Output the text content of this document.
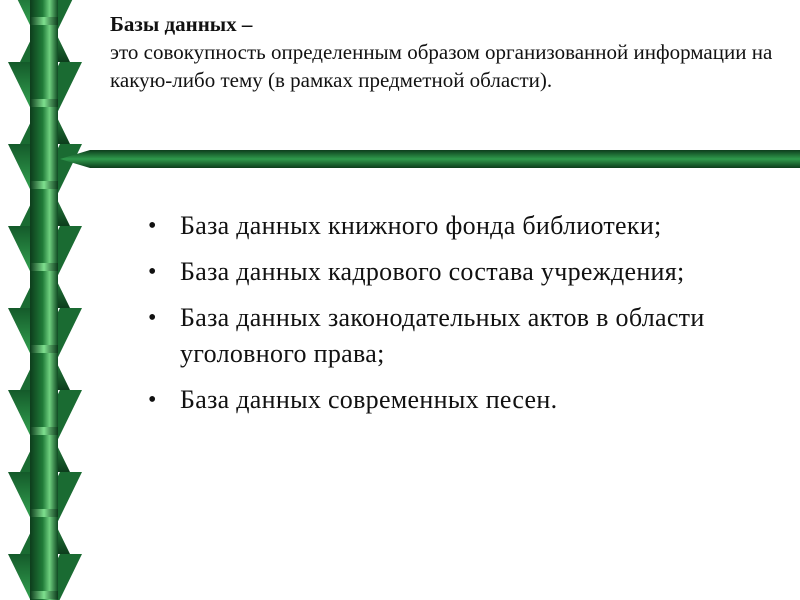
Базы данных –
это совокупность определенным образом организованной информации на какую-либо тему (в рамках предметной области).
• База данных книжного фонда библиотеки;
• База данных кадрового состава учреждения;
• База данных законодательных актов в области уголовного права;
• База данных современных песен.
